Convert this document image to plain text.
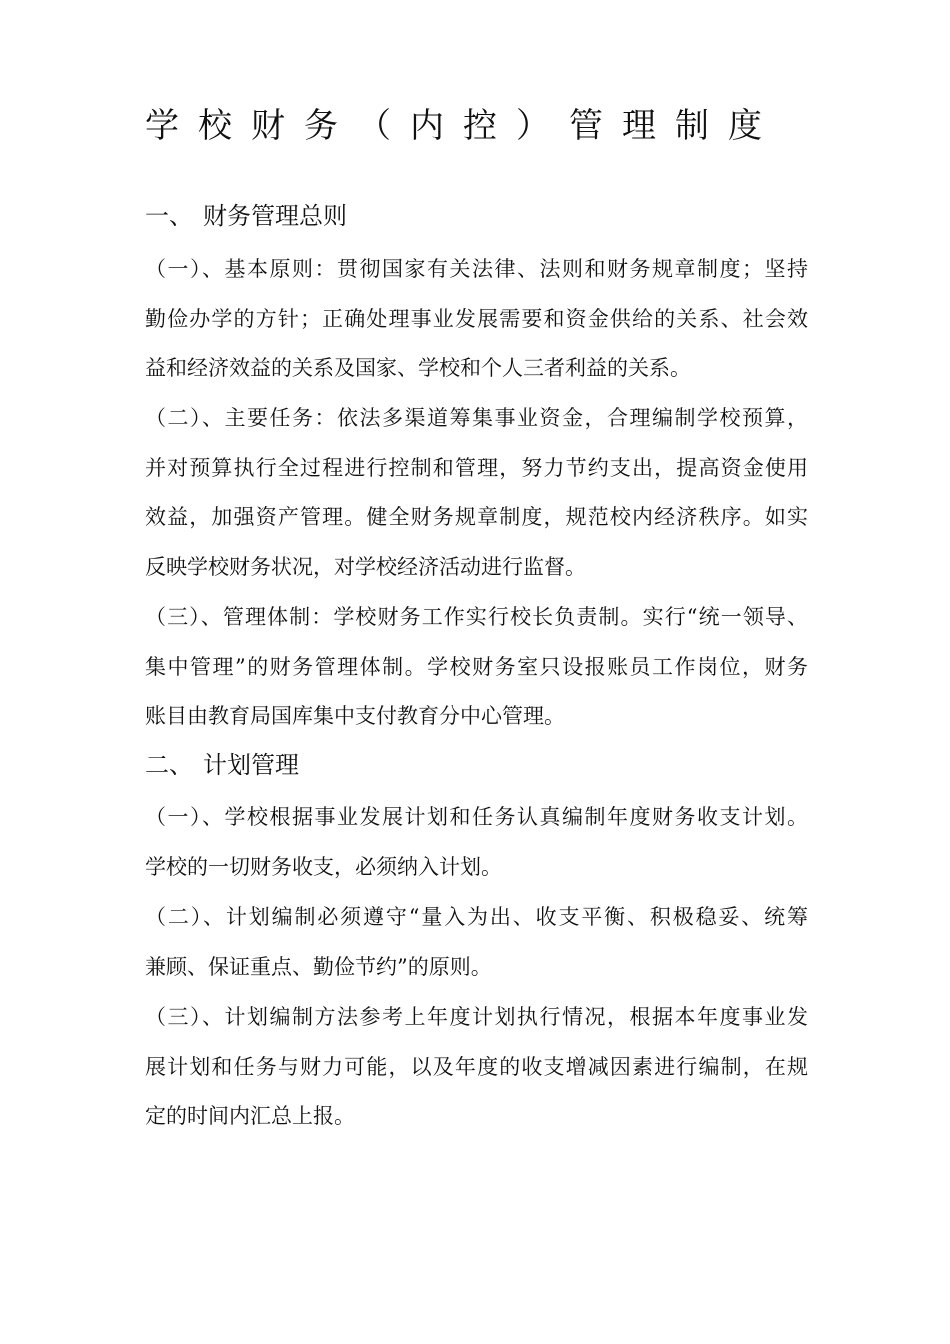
学校财务（内控）管理制度
一、 财务管理总则

（一）、基本原则：贯彻国家有关法律、法则和财务规章制度；坚持
勤俭办学的方针；正确处理事业发展需要和资金供给的关系、社会效
益和经济效益的关系及国家、学校和个人三者利益的关系。

（二）、主要任务：依法多渠道筹集事业资金，合理编制学校预算，
并对预算执行全过程进行控制和管理，努力节约支出，提高资金使用
效益，加强资产管理。健全财务规章制度，规范校内经济秩序。如实
反映学校财务状况，对学校经济活动进行监督。

（三）、管理体制：学校财务工作实行校长负责制。实行“统一领导、
集中管理”的财务管理体制。学校财务室只设报账员工作岗位，财务
账目由教育局国库集中支付教育分中心管理。

二、 计划管理

（一）、学校根据事业发展计划和任务认真编制年度财务收支计划。
学校的一切财务收支，必须纳入计划。

（二）、计划编制必须遵守“量入为出、收支平衡、积极稳妥、统筹
兼顾、保证重点、勤俭节约”的原则。

（三）、计划编制方法参考上年度计划执行情况，根据本年度事业发
展计划和任务与财力可能，以及年度的收支增减因素进行编制，在规
定的时间内汇总上报。
